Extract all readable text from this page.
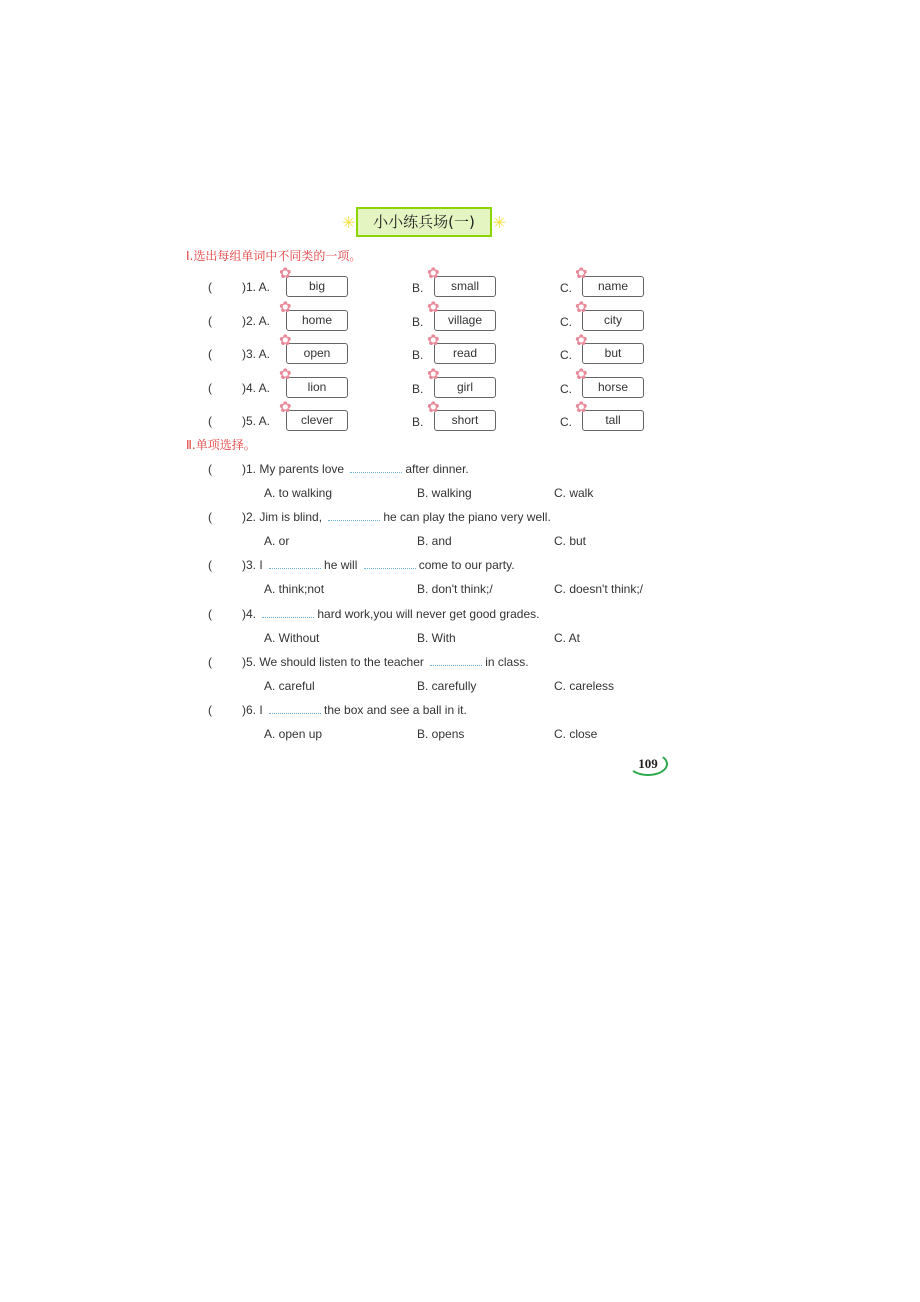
✳ 小小练兵场(一) ✳
Ⅰ.选出每组单词中不同类的一项。
(	)1. A.
✿
big	B.
✿
small	C.
✿
name
(	)2. A.
✿
home	B.
✿
village	C.
✿
city
(	)3. A.
✿
open	B.
✿
read	C.
✿
but
(	)4. A.
✿
lion	B.
✿
girl	C.
✿
horse
(	)5. A.
✿
clever	B.
✿
short	C.
✿
tall
Ⅱ.单项选择。
(	)1. My parents love	after dinner.
A. to walking	B. walking	C. walk
(	)2. Jim is blind,	he can play the piano very well.
A. or	B. and	C. but
(	)3. I	he will	come to our party.
A. think;not	B. don't think;/	C. doesn't think;/
(	)4.	hard work,you will never get good grades.
A. Without	B. With	C. At
(	)5. We should listen to the teacher	in class.
A. careful	B. carefully	C. careless
(	)6. I	the box and see a ball in it.
A. open up	B. opens	C. close
109
